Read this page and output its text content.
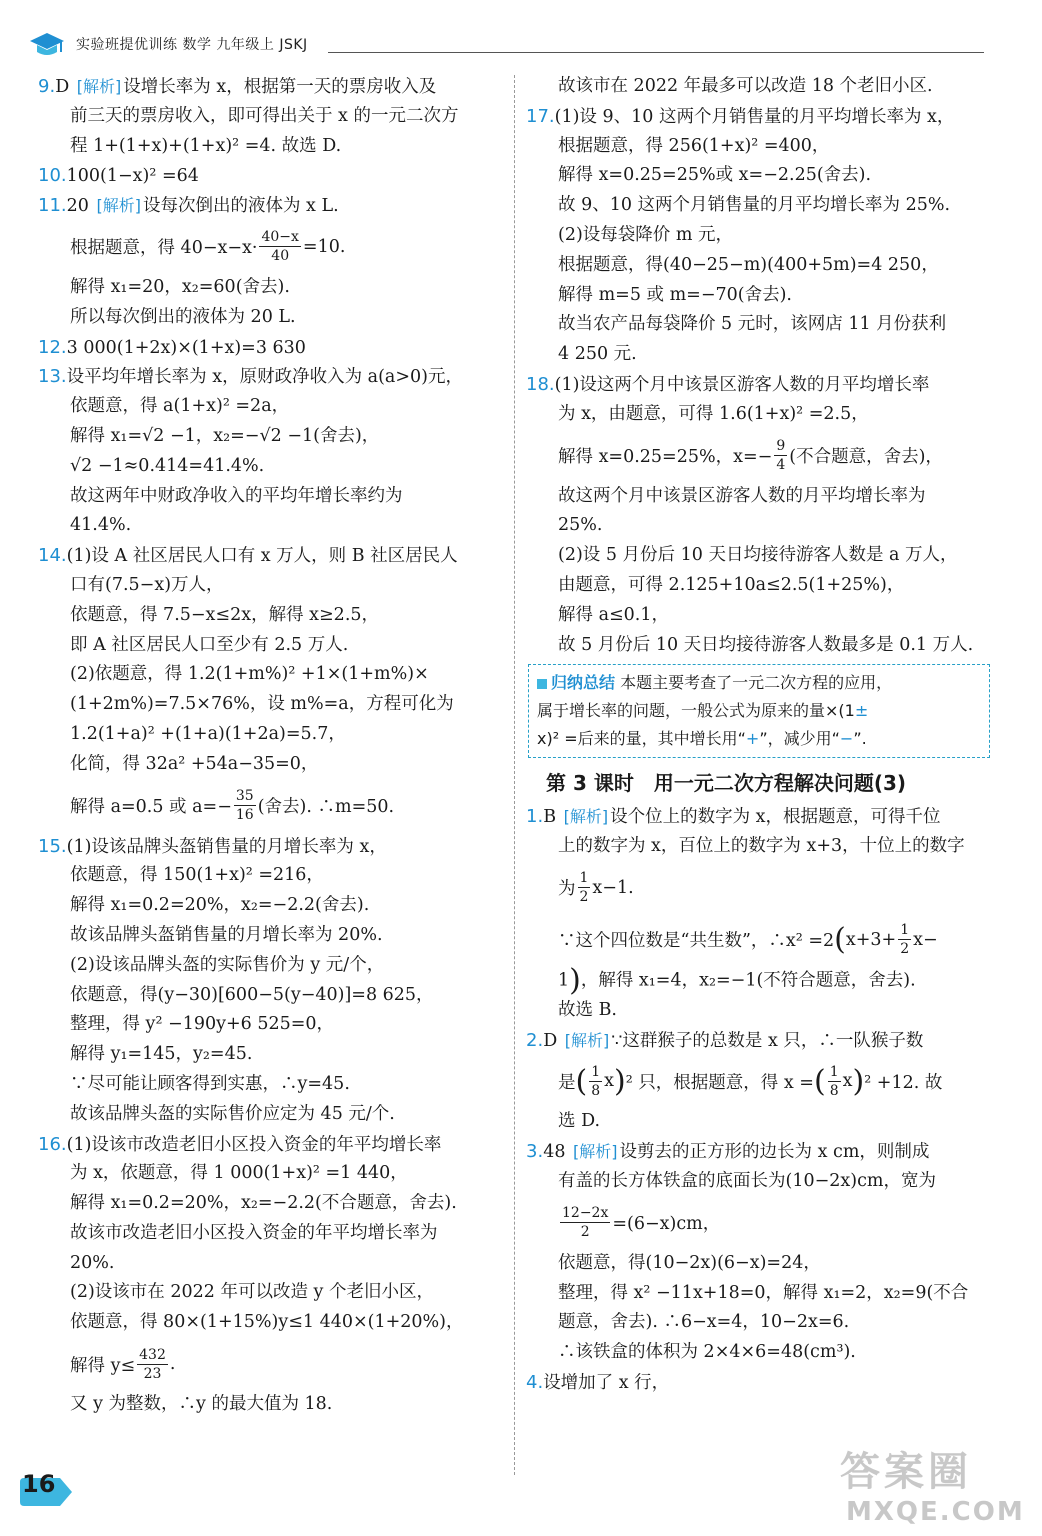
实验班提优训练 数学 九年级上 JSKJ
9.D [解析] 设增长率为 x，根据第一天的票房收入及
前三天的票房收入，即可得出关于 x 的一元二次方
程 1+(1+x)+(1+x)² =4. 故选 D.
10.100(1−x)² =64
11.20 [解析] 设每次倒出的液体为 x L.
根据题意，得 $40-x-x\cdot \frac{40-x}{40} =10$.
解得 x₁=20，x₂=60(舍去).
所以每次倒出的液体为 20 L.
12.3 000(1+2x)×(1+x)=3 630
13.设平均年增长率为 x，原财政净收入为 a(a>0)元，
依题意，得 a(1+x)² =2a，
解得 x₁=√2 −1，x₂=−√2 −1(舍去)，
√2 −1≈0.414=41.4%.
故这两年中财政净收入的平均年增长率约为
41.4%.
14.(1)设 A 社区居民人口有 x 万人，则 B 社区居民人
口有(7.5−x)万人，
依题意，得 7.5−x≤2x，解得 x≥2.5，
即 A 社区居民人口至少有 2.5 万人.
(2)依题意，得 1.2(1+m%)² +1×(1+m%)×
(1+2m%)=7.5×76%，设 m%=a，方程可化为
1.2(1+a)² +(1+a)(1+2a)=5.7，
化简，得 32a² +54a−35=0，
解得 a=0.5 或 $a=- \frac{35}{16}$ (舍去). ∴m=50.
15.(1)设该品牌头盔销售量的月增长率为 x，
依题意，得 150(1+x)² =216，
解得 x₁=0.2=20%，x₂=−2.2(舍去).
故该品牌头盔销售量的月增长率为 20%.
(2)设该品牌头盔的实际售价为 y 元/个，
依题意，得(y−30)[600−5(y−40)]=8 625，
整理，得 y² −190y+6 525=0，
解得 y₁=145，y₂=45.
∵尽可能让顾客得到实惠，∴y=45.
故该品牌头盔的实际售价应定为 45 元/个.
16.(1)设该市改造老旧小区投入资金的年平均增长率
为 x，依题意，得 1 000(1+x)² =1 440，
解得 x₁=0.2=20%，x₂=−2.2(不合题意，舍去).
故该市改造老旧小区投入资金的年平均增长率为
20%.
(2)设该市在 2022 年可以改造 y 个老旧小区，
依题意，得 80×(1+15%)y≤1 440×(1+20%)，
解得 $y\le \frac{432}{23}$ .
又 y 为整数，∴y 的最大值为 18.
故该市在 2022 年最多可以改造 18 个老旧小区.
17.(1)设 9、10 这两个月销售量的月平均增长率为 x，
根据题意，得 256(1+x)² =400，
解得 x=0.25=25%或 x=−2.25(舍去).
故 9、10 这两个月销售量的月平均增长率为 25%.
(2)设每袋降价 m 元，
根据题意，得(40−25−m)(400+5m)=4 250，
解得 m=5 或 m=−70(舍去).
故当农产品每袋降价 5 元时，该网店 11 月份获利
4 250 元.
18.(1)设这两个月中该景区游客人数的月平均增长率
为 x，由题意，可得 1.6(1+x)² =2.5，
解得 x=0.25=25%，$x=- \frac{9}{4}$ (不合题意，舍去)，
故这两个月中该景区游客人数的月平均增长率为
25%.
(2)设 5 月份后 10 天日均接待游客人数是 a 万人，
由题意，可得 2.125+10a≤2.5(1+25%)，
解得 a≤0.1，
故 5 月份后 10 天日均接待游客人数最多是 0.1 万人.
归纳总结 本题主要考查了一元二次方程的应用，
属于增长率的问题，一般公式为原来的量×(1±
x)² =后来的量，其中增长用“+”，减少用“−”.
第 3 课时　用一元二次方程解决问题(3)
1.B [解析] 设个位上的数字为 x，根据题意，可得千位
上的数字为 x，百位上的数字为 x+3，十位上的数字
为
1
2 x−1.
∵这个四位数是“共生数”，∴x² =2 ( $x+3+ \frac{1}{2} x-$
1)，解得 x₁=4，x₂=−1(不符合题意，舍去).
故选 B.
2.D [解析] ∵这群猴子的总数是 x 只，∴一队猴子数
是 ( 1
8 x ) ² 只，根据题意，得 x = ( 1
8 x ) ² +12. 故
选 D.
3.48 [解析] 设剪去的正方形的边长为 x cm，则制成
有盖的长方体铁盒的底面长为(10−2x)cm，宽为
$\frac{12-2x}{2} =(6-x)cm$，
依题意，得(10−2x)(6−x)=24，
整理，得 x² −11x+18=0，解得 x₁=2，x₂=9(不合
题意，舍去). ∴6−x=4，10−2x=6.
∴该铁盒的体积为 2×4×6=48(cm³).
4.设增加了 x 行，
16	答案圈
MXQE.COM
